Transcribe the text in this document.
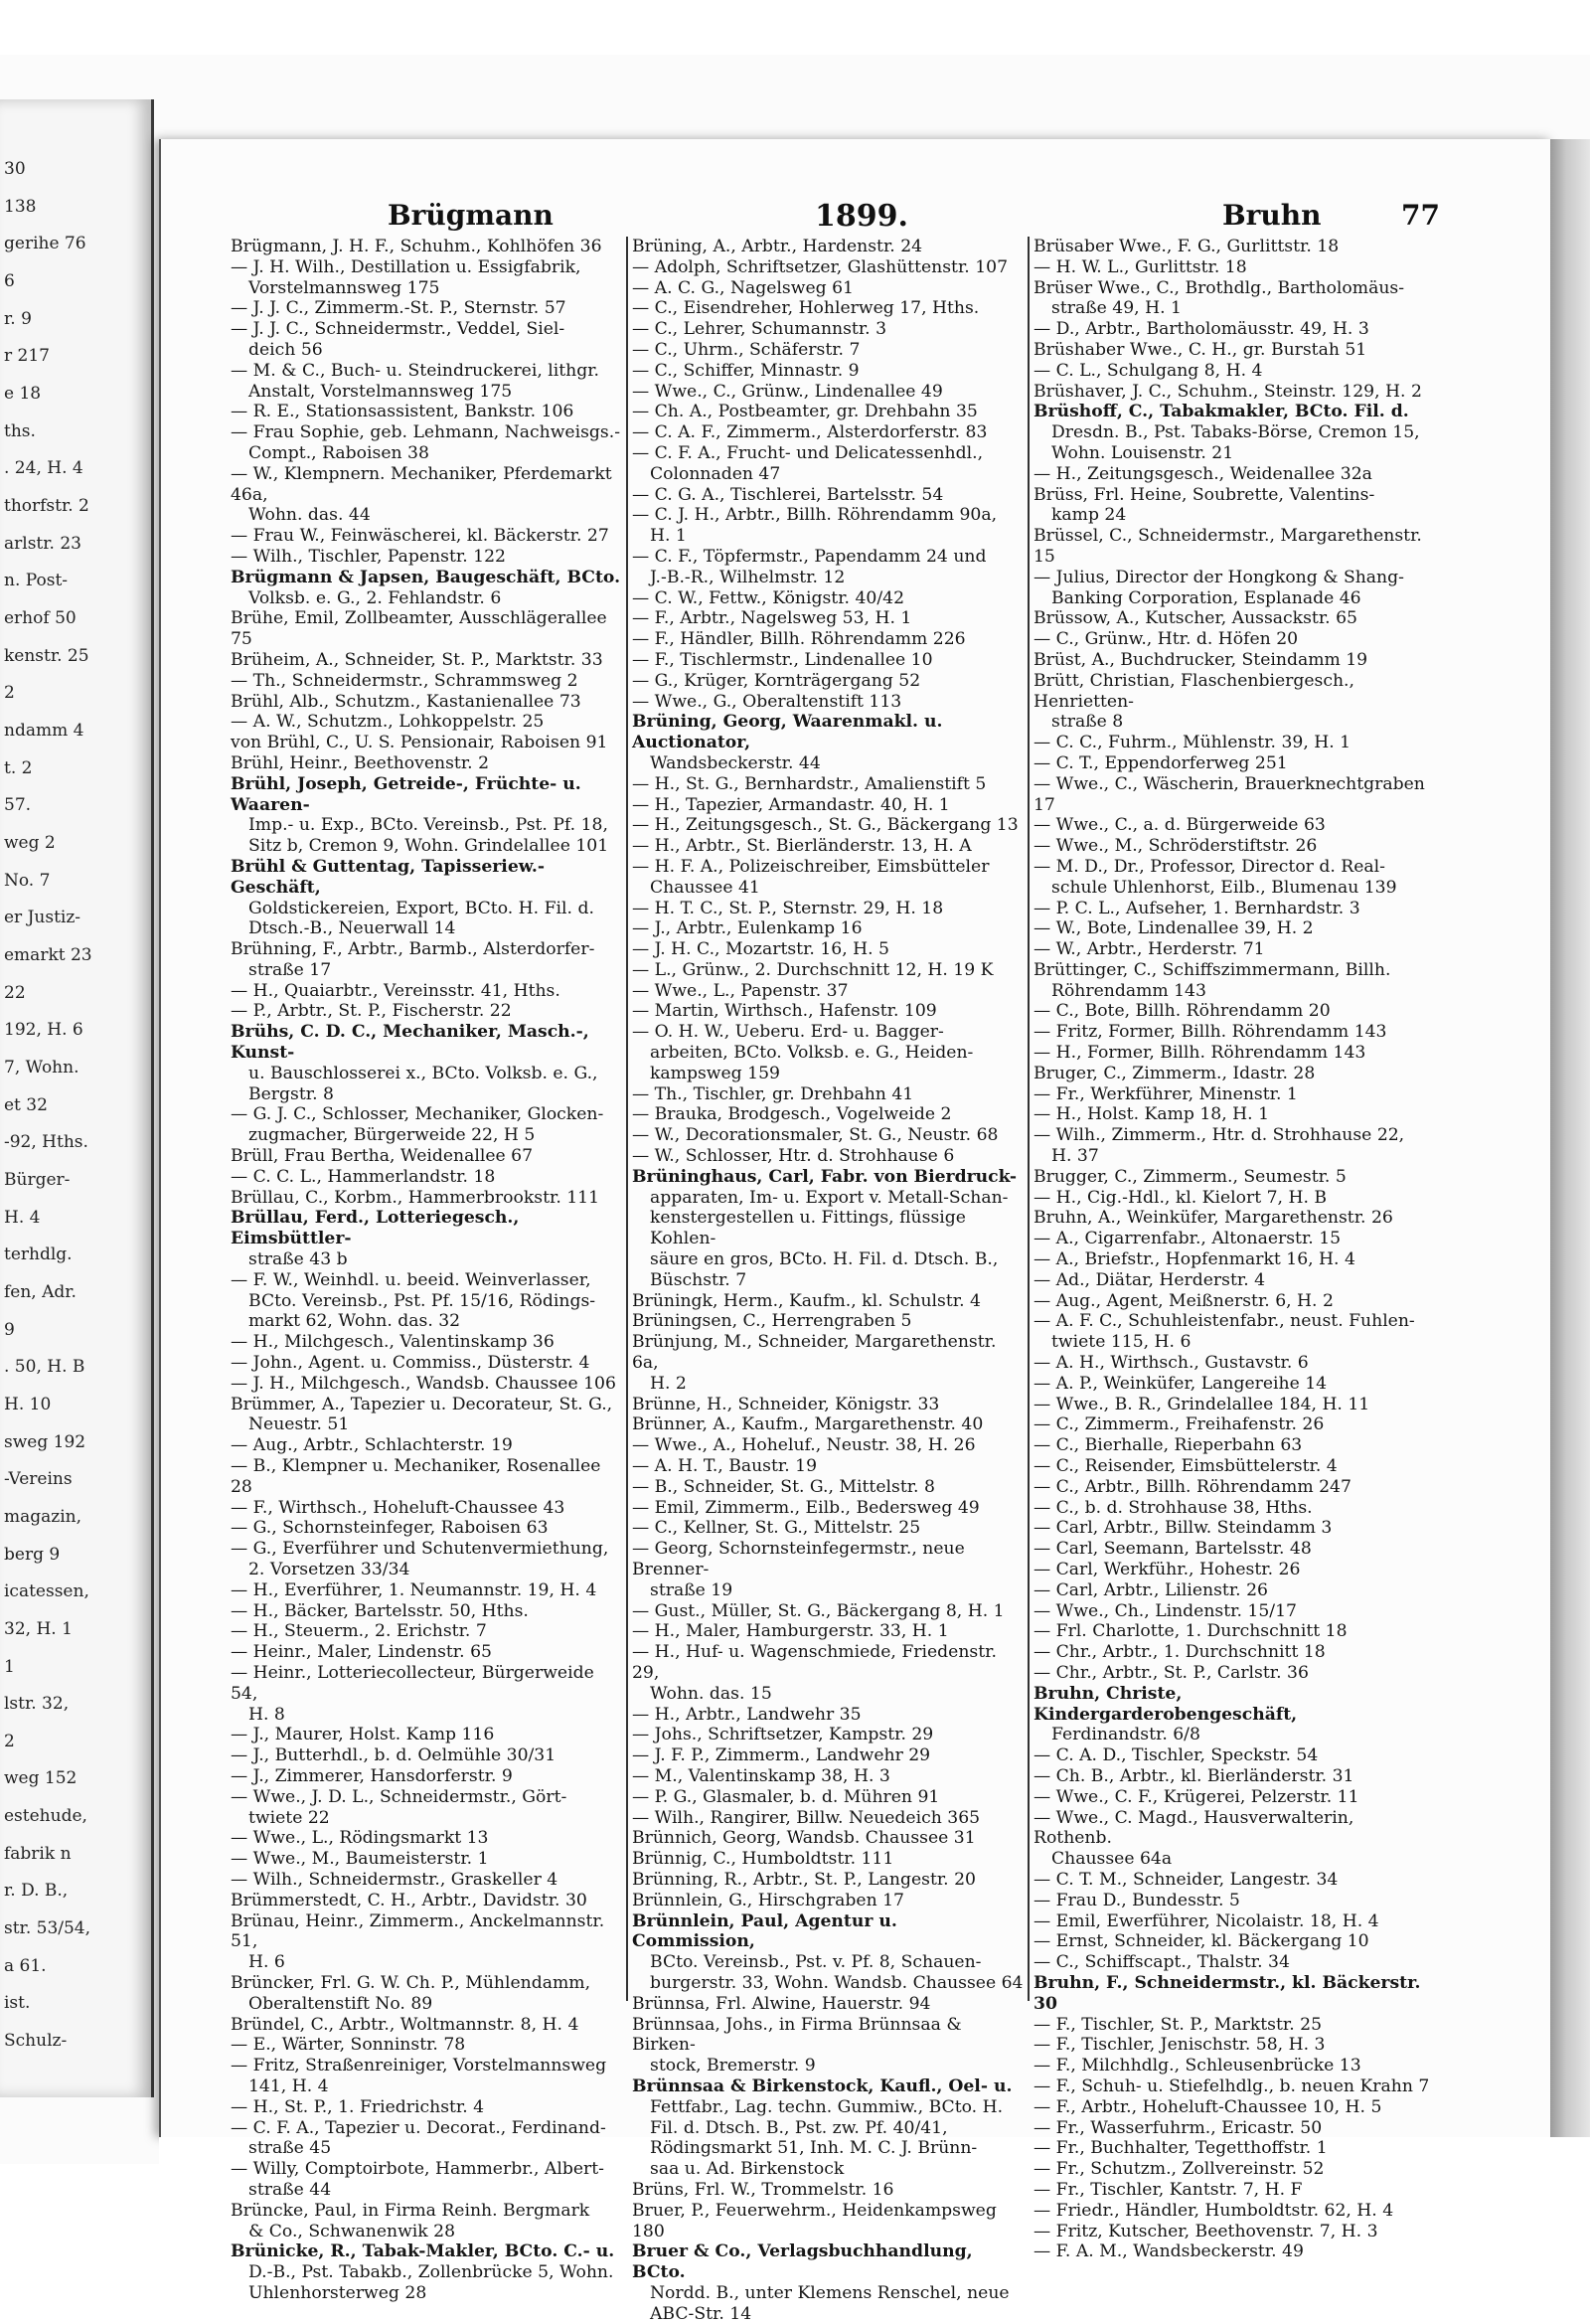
30
138
gerihe 76
6
r. 9
r 217
e 18
ths.
. 24, H. 4
thorfstr. 2
arlstr. 23
n. Post-
erhof 50
kenstr. 25
2
ndamm 4
t. 2
57.
weg 2
No. 7
er Justiz-
emarkt 23
22
192, H. 6
7, Wohn.
et 32
-92, Hths.
Bürger-
H. 4
terhdlg.
fen, Adr.
9
. 50, H. B
H. 10
sweg 192
-Vereins
magazin,
berg 9
icatessen,
32, H. 1
1
lstr. 32,
2
weg 152
estehude,
fabrik n
r. D. B.,
str. 53/54,
a 61.
ist.
Schulz-
Brügmann	1899.	Bruhn	77
Brügmann, J. H. F., Schuhm., Kohlhöfen 36
— J. H. Wilh., Destillation u. Essigfabrik,
Vorstelmannsweg 175
— J. J. C., Zimmerm.-St. P., Sternstr. 57
— J. J. C., Schneidermstr., Veddel, Siel-
deich 56
— M. & C., Buch- u. Steindruckerei, lithgr.
Anstalt, Vorstelmannsweg 175
— R. E., Stationsassistent, Bankstr. 106
— Frau Sophie, geb. Lehmann, Nachweisgs.-
Compt., Raboisen 38
— W., Klempnern. Mechaniker, Pferdemarkt 46a,
Wohn. das. 44
— Frau W., Feinwäscherei, kl. Bäckerstr. 27
— Wilh., Tischler, Papenstr. 122
Brügmann & Japsen, Baugeschäft, BCto.
Volksb. e. G., 2. Fehlandstr. 6
Brühe, Emil, Zollbeamter, Ausschlägerallee 75
Brüheim, A., Schneider, St. P., Marktstr. 33
— Th., Schneidermstr., Schrammsweg 2
Brühl, Alb., Schutzm., Kastanienallee 73
— A. W., Schutzm., Lohkoppelstr. 25
von Brühl, C., U. S. Pensionair, Raboisen 91
Brühl, Heinr., Beethovenstr. 2
Brühl, Joseph, Getreide-, Früchte- u. Waaren-
Imp.- u. Exp., BCto. Vereinsb., Pst. Pf. 18,
Sitz b, Cremon 9, Wohn. Grindelallee 101
Brühl & Guttentag, Tapisseriew.-Geschäft,
Goldstickereien, Export, BCto. H. Fil. d.
Dtsch.-B., Neuerwall 14
Brühning, F., Arbtr., Barmb., Alsterdorfer-
straße 17
— H., Quaiarbtr., Vereinsstr. 41, Hths.
— P., Arbtr., St. P., Fischerstr. 22
Brühs, C. D. C., Mechaniker, Masch.-, Kunst-
u. Bauschlosserei x., BCto. Volksb. e. G.,
Bergstr. 8
— G. J. C., Schlosser, Mechaniker, Glocken-
zugmacher, Bürgerweide 22, H 5
Brüll, Frau Bertha, Weidenallee 67
— C. C. L., Hammerlandstr. 18
Brüllau, C., Korbm., Hammerbrookstr. 111
Brüllau, Ferd., Lotteriegesch., Eimsbüttler-
straße 43 b
— F. W., Weinhdl. u. beeid. Weinverlasser,
BCto. Vereinsb., Pst. Pf. 15/16, Rödings-
markt 62, Wohn. das. 32
— H., Milchgesch., Valentinskamp 36
— John., Agent. u. Commiss., Düsterstr. 4
— J. H., Milchgesch., Wandsb. Chaussee 106
Brümmer, A., Tapezier u. Decorateur, St. G.,
Neuestr. 51
— Aug., Arbtr., Schlachterstr. 19
— B., Klempner u. Mechaniker, Rosenallee 28
— F., Wirthsch., Hoheluft-Chaussee 43
— G., Schornsteinfeger, Raboisen 63
— G., Everführer und Schutenvermiethung,
2. Vorsetzen 33/34
— H., Everführer, 1. Neumannstr. 19, H. 4
— H., Bäcker, Bartelsstr. 50, Hths.
— H., Steuerm., 2. Erichstr. 7
— Heinr., Maler, Lindenstr. 65
— Heinr., Lotteriecollecteur, Bürgerweide 54,
H. 8
— J., Maurer, Holst. Kamp 116
— J., Butterhdl., b. d. Oelmühle 30/31
— J., Zimmerer, Hansdorferstr. 9
— Wwe., J. D. L., Schneidermstr., Gört-
twiete 22
— Wwe., L., Rödingsmarkt 13
— Wwe., M., Baumeisterstr. 1
— Wilh., Schneidermstr., Graskeller 4
Brümmerstedt, C. H., Arbtr., Davidstr. 30
Brünau, Heinr., Zimmerm., Anckelmannstr. 51,
H. 6
Brüncker, Frl. G. W. Ch. P., Mühlendamm,
Oberaltenstift No. 89
Bründel, C., Arbtr., Woltmannstr. 8, H. 4
— E., Wärter, Sonninstr. 78
— Fritz, Straßenreiniger, Vorstelmannsweg
141, H. 4
— H., St. P., 1. Friedrichstr. 4
— C. F. A., Tapezier u. Decorat., Ferdinand-
straße 45
— Willy, Comptoirbote, Hammerbr., Albert-
straße 44
Brüncke, Paul, in Firma Reinh. Bergmark
& Co., Schwanenwik 28
Brünicke, R., Tabak-Makler, BCto. C.- u.
D.-B., Pst. Tabakb., Zollenbrücke 5, Wohn.
Uhlenhorsterweg 28
Brüning, A., Arbtr., Hardenstr. 24
— Adolph, Schriftsetzer, Glashüttenstr. 107
— A. C. G., Nagelsweg 61
— C., Eisendreher, Hohlerweg 17, Hths.
— C., Lehrer, Schumannstr. 3
— C., Uhrm., Schäferstr. 7
— C., Schiffer, Minnastr. 9
— Wwe., C., Grünw., Lindenallee 49
— Ch. A., Postbeamter, gr. Drehbahn 35
— C. A. F., Zimmerm., Alsterdorferstr. 83
— C. F. A., Frucht- und Delicatessenhdl.,
Colonnaden 47
— C. G. A., Tischlerei, Bartelsstr. 54
— C. J. H., Arbtr., Billh. Röhrendamm 90a,
H. 1
— C. F., Töpfermstr., Papendamm 24 und
J.-B.-R., Wilhelmstr. 12
— C. W., Fettw., Königstr. 40/42
— F., Arbtr., Nagelsweg 53, H. 1
— F., Händler, Billh. Röhrendamm 226
— F., Tischlermstr., Lindenallee 10
— G., Krüger, Kornträgergang 52
— Wwe., G., Oberaltenstift 113
Brüning, Georg, Waarenmakl. u. Auctionator,
Wandsbeckerstr. 44
— H., St. G., Bernhardstr., Amalienstift 5
— H., Tapezier, Armandastr. 40, H. 1
— H., Zeitungsgesch., St. G., Bäckergang 13
— H., Arbtr., St. Bierländerstr. 13, H. A
— H. F. A., Polizeischreiber, Eimsbütteler
Chaussee 41
— H. T. C., St. P., Sternstr. 29, H. 18
— J., Arbtr., Eulenkamp 16
— J. H. C., Mozartstr. 16, H. 5
— L., Grünw., 2. Durchschnitt 12, H. 19 K
— Wwe., L., Papenstr. 37
— Martin, Wirthsch., Hafenstr. 109
— O. H. W., Ueberu. Erd- u. Bagger-
arbeiten, BCto. Volksb. e. G., Heiden-
kampsweg 159
— Th., Tischler, gr. Drehbahn 41
— Brauka, Brodgesch., Vogelweide 2
— W., Decorationsmaler, St. G., Neustr. 68
— W., Schlosser, Htr. d. Strohhause 6
Brüninghaus, Carl, Fabr. von Bierdruck-
apparaten, Im- u. Export v. Metall-Schan-
kenstergestellen u. Fittings, flüssige Kohlen-
säure en gros, BCto. H. Fil. d. Dtsch. B.,
Büschstr. 7
Brüningk, Herm., Kaufm., kl. Schulstr. 4
Brüningsen, C., Herrengraben 5
Brünjung, M., Schneider, Margarethenstr. 6a,
H. 2
Brünne, H., Schneider, Königstr. 33
Brünner, A., Kaufm., Margarethenstr. 40
— Wwe., A., Hoheluf., Neustr. 38, H. 26
— A. H. T., Baustr. 19
— B., Schneider, St. G., Mittelstr. 8
— Emil, Zimmerm., Eilb., Bedersweg 49
— C., Kellner, St. G., Mittelstr. 25
— Georg, Schornsteinfegermstr., neue Brenner-
straße 19
— Gust., Müller, St. G., Bäckergang 8, H. 1
— H., Maler, Hamburgerstr. 33, H. 1
— H., Huf- u. Wagenschmiede, Friedenstr. 29,
Wohn. das. 15
— H., Arbtr., Landwehr 35
— Johs., Schriftsetzer, Kampstr. 29
— J. F. P., Zimmerm., Landwehr 29
— M., Valentinskamp 38, H. 3
— P. G., Glasmaler, b. d. Mühren 91
— Wilh., Rangirer, Billw. Neuedeich 365
Brünnich, Georg, Wandsb. Chaussee 31
Brünnig, C., Humboldtstr. 111
Brünning, R., Arbtr., St. P., Langestr. 20
Brünnlein, G., Hirschgraben 17
Brünnlein, Paul, Agentur u. Commission,
BCto. Vereinsb., Pst. v. Pf. 8, Schauen-
burgerstr. 33, Wohn. Wandsb. Chaussee 64
Brünnsa, Frl. Alwine, Hauerstr. 94
Brünnsaa, Johs., in Firma Brünnsaa & Birken-
stock, Bremerstr. 9
Brünnsaa & Birkenstock, Kaufl., Oel- u.
Fettfabr., Lag. techn. Gummiw., BCto. H.
Fil. d. Dtsch. B., Pst. zw. Pf. 40/41,
Rödingsmarkt 51, Inh. M. C. J. Brünn-
saa u. Ad. Birkenstock
Brüns, Frl. W., Trommelstr. 16
Bruer, P., Feuerwehrm., Heidenkampsweg 180
Bruer & Co., Verlagsbuchhandlung, BCto.
Nordd. B., unter Klemens Renschel, neue
ABC-Str. 14
Brüsaber Wwe., F. G., Gurlittstr. 18
— H. W. L., Gurlittstr. 18
Brüser Wwe., C., Brothdlg., Bartholomäus-
straße 49, H. 1
— D., Arbtr., Bartholomäusstr. 49, H. 3
Brüshaber Wwe., C. H., gr. Burstah 51
— C. L., Schulgang 8, H. 4
Brüshaver, J. C., Schuhm., Steinstr. 129, H. 2
Brüshoff, C., Tabakmakler, BCto. Fil. d.
Dresdn. B., Pst. Tabaks-Börse, Cremon 15,
Wohn. Louisenstr. 21
— H., Zeitungsgesch., Weidenallee 32a
Brüss, Frl. Heine, Soubrette, Valentins-
kamp 24
Brüssel, C., Schneidermstr., Margarethenstr. 15
— Julius, Director der Hongkong & Shang-
Banking Corporation, Esplanade 46
Brüssow, A., Kutscher, Aussackstr. 65
— C., Grünw., Htr. d. Höfen 20
Brüst, A., Buchdrucker, Steindamm 19
Brütt, Christian, Flaschenbiergesch., Henrietten-
straße 8
— C. C., Fuhrm., Mühlenstr. 39, H. 1
— C. T., Eppendorferweg 251
— Wwe., C., Wäscherin, Brauerknechtgraben 17
— Wwe., C., a. d. Bürgerweide 63
— Wwe., M., Schröderstiftstr. 26
— M. D., Dr., Professor, Director d. Real-
schule Uhlenhorst, Eilb., Blumenau 139
— P. C. L., Aufseher, 1. Bernhardstr. 3
— W., Bote, Lindenallee 39, H. 2
— W., Arbtr., Herderstr. 71
Brüttinger, C., Schiffszimmermann, Billh.
Röhrendamm 143
— C., Bote, Billh. Röhrendamm 20
— Fritz, Former, Billh. Röhrendamm 143
— H., Former, Billh. Röhrendamm 143
Bruger, C., Zimmerm., Idastr. 28
— Fr., Werkführer, Minenstr. 1
— H., Holst. Kamp 18, H. 1
— Wilh., Zimmerm., Htr. d. Strohhause 22,
H. 37
Brugger, C., Zimmerm., Seumestr. 5
— H., Cig.-Hdl., kl. Kielort 7, H. B
Bruhn, A., Weinküfer, Margarethenstr. 26
— A., Cigarrenfabr., Altonaerstr. 15
— A., Briefstr., Hopfenmarkt 16, H. 4
— Ad., Diätar, Herderstr. 4
— Aug., Agent, Meißnerstr. 6, H. 2
— A. F. C., Schuhleistenfabr., neust. Fuhlen-
twiete 115, H. 6
— A. H., Wirthsch., Gustavstr. 6
— A. P., Weinküfer, Langereihe 14
— Wwe., B. R., Grindelallee 184, H. 11
— C., Zimmerm., Freihafenstr. 26
— C., Bierhalle, Rieperbahn 63
— C., Reisender, Eimsbüttelerstr. 4
— C., Arbtr., Billh. Röhrendamm 247
— C., b. d. Strohhause 38, Hths.
— Carl, Arbtr., Billw. Steindamm 3
— Carl, Seemann, Bartelsstr. 48
— Carl, Werkführ., Hohestr. 26
— Carl, Arbtr., Lilienstr. 26
— Wwe., Ch., Lindenstr. 15/17
— Frl. Charlotte, 1. Durchschnitt 18
— Chr., Arbtr., 1. Durchschnitt 18
— Chr., Arbtr., St. P., Carlstr. 36
Bruhn, Christe, Kindergarderobengeschäft,
Ferdinandstr. 6/8
— C. A. D., Tischler, Speckstr. 54
— Ch. B., Arbtr., kl. Bierländerstr. 31
— Wwe., C. F., Krügerei, Pelzerstr. 11
— Wwe., C. Magd., Hausverwalterin, Rothenb.
Chaussee 64a
— C. T. M., Schneider, Langestr. 34
— Frau D., Bundesstr. 5
— Emil, Ewerführer, Nicolaistr. 18, H. 4
— Ernst, Schneider, kl. Bäckergang 10
— C., Schiffscapt., Thalstr. 34
Bruhn, F., Schneidermstr., kl. Bäckerstr. 30
— F., Tischler, St. P., Marktstr. 25
— F., Tischler, Jenischstr. 58, H. 3
— F., Milchhdlg., Schleusenbrücke 13
— F., Schuh- u. Stiefelhdlg., b. neuen Krahn 7
— F., Arbtr., Hoheluft-Chaussee 10, H. 5
— Fr., Wasserfuhrm., Ericastr. 50
— Fr., Buchhalter, Tegetthoffstr. 1
— Fr., Schutzm., Zollvereinstr. 52
— Fr., Tischler, Kantstr. 7, H. F
— Friedr., Händler, Humboldtstr. 62, H. 4
— Fritz, Kutscher, Beethovenstr. 7, H. 3
— F. A. M., Wandsbeckerstr. 49
